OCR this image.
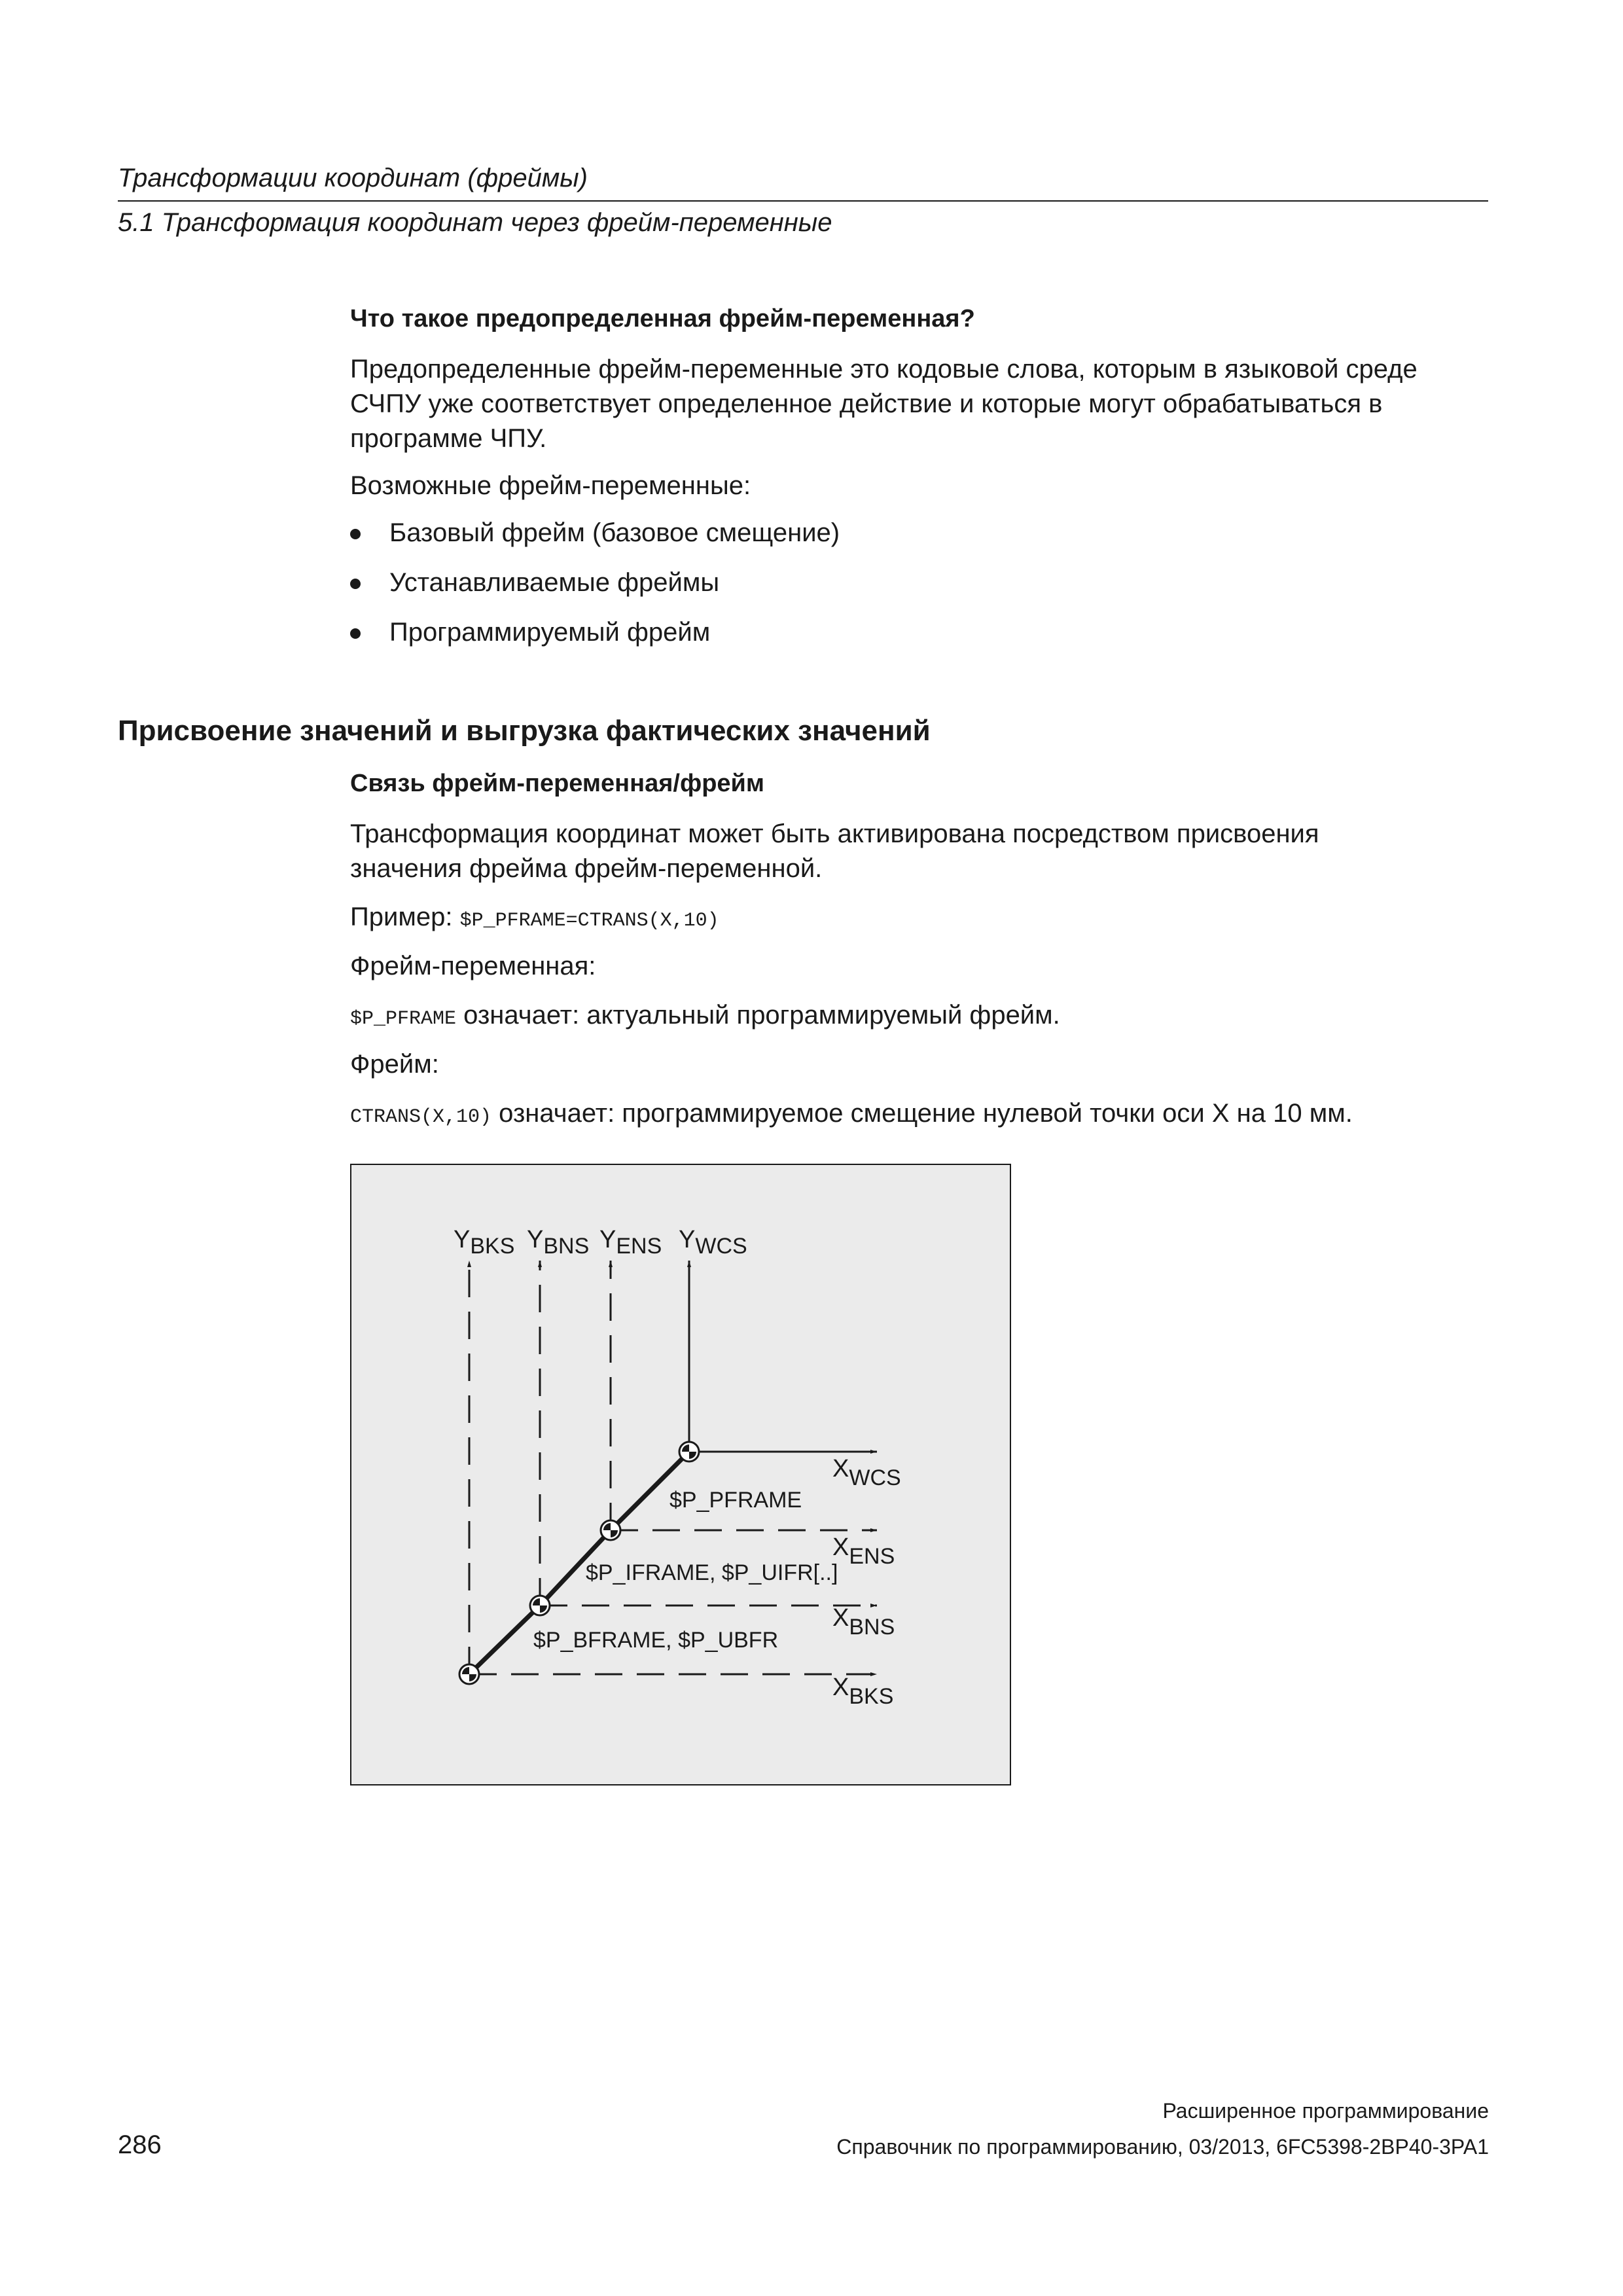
Трансформации координат (фреймы)
5.1 Трансформация координат через фрейм-переменные
Что такое предопределенная фрейм-переменная?
Предопределенные фрейм-переменные это кодовые слова, которым в языковой среде
СЧПУ уже соответствует определенное действие и которые могут обрабатываться в
программе ЧПУ.
Возможные фрейм-переменные:
Базовый фрейм (базовое смещение)
Устанавливаемые фреймы
Программируемый фрейм
Присвоение значений и выгрузка фактических значений
Связь фрейм-переменная/фрейм
Трансформация координат может быть активирована посредством присвоения
значения фрейма фрейм-переменной.
Пример: $P_PFRAME=CTRANS(X,10)
Фрейм-переменная:
$P_PFRAME означает: актуальный программируемый фрейм.
Фрейм:
CTRANS(X,10) означает: программируемое смещение нулевой точки оси X на 10 мм.
YBKS YBNS YENS YWCS
XWCS
XENS
XBNS
XBKS
$P_PFRAME
$P_IFRAME, $P_UIFR[..]
$P_BFRAME, $P_UBFR
Расширенное программирование
286	Справочник по программированию, 03/2013, 6FC5398-2BP40-3PA1
